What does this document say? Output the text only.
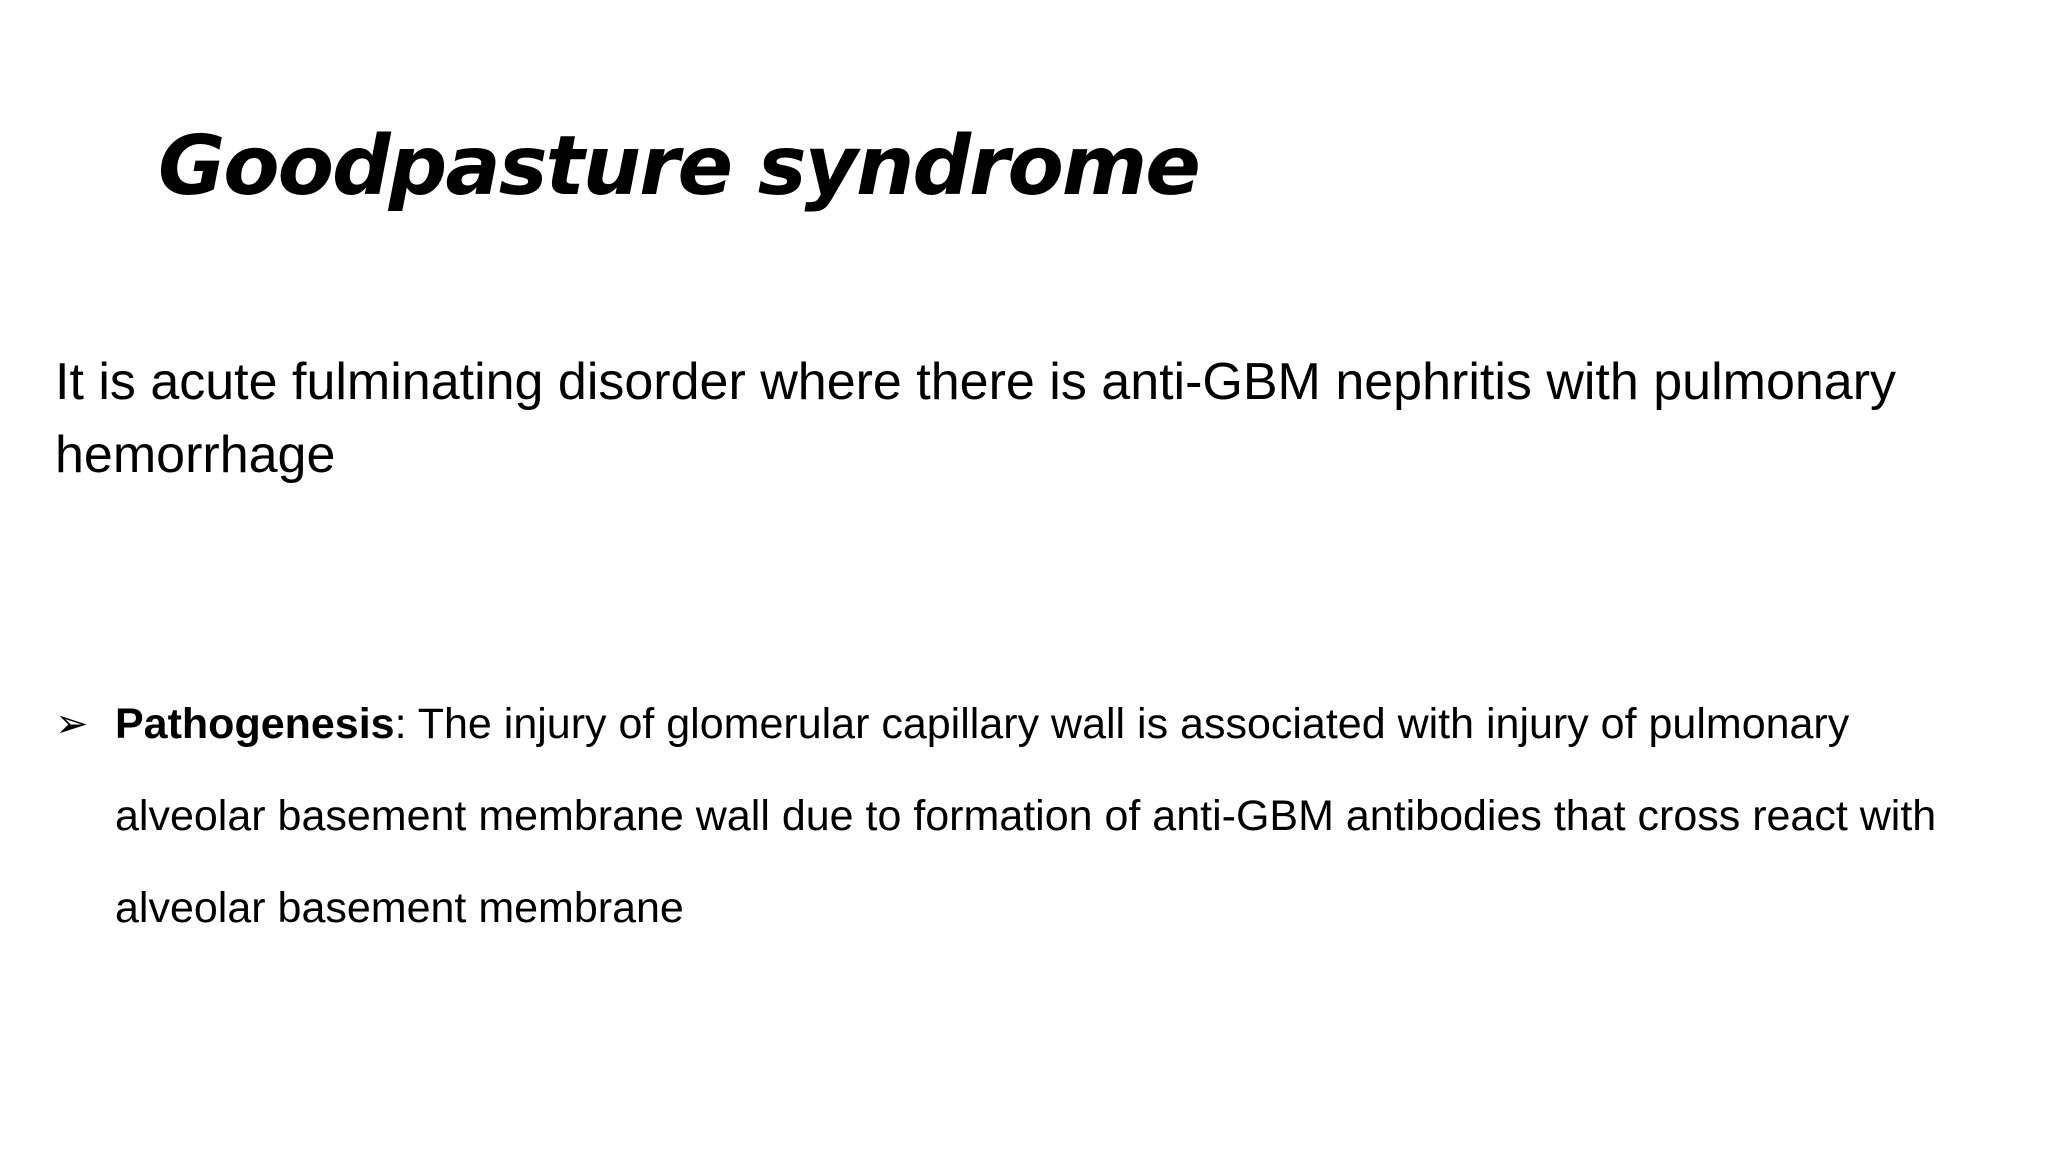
Goodpasture syndrome

It is acute fulminating disorder where there is anti-GBM nephritis with pulmonary hemorrhage

➢ Pathogenesis: The injury of glomerular capillary wall is associated with injury of pulmonary alveolar basement membrane wall due to formation of anti-GBM antibodies that cross react with alveolar basement membrane
